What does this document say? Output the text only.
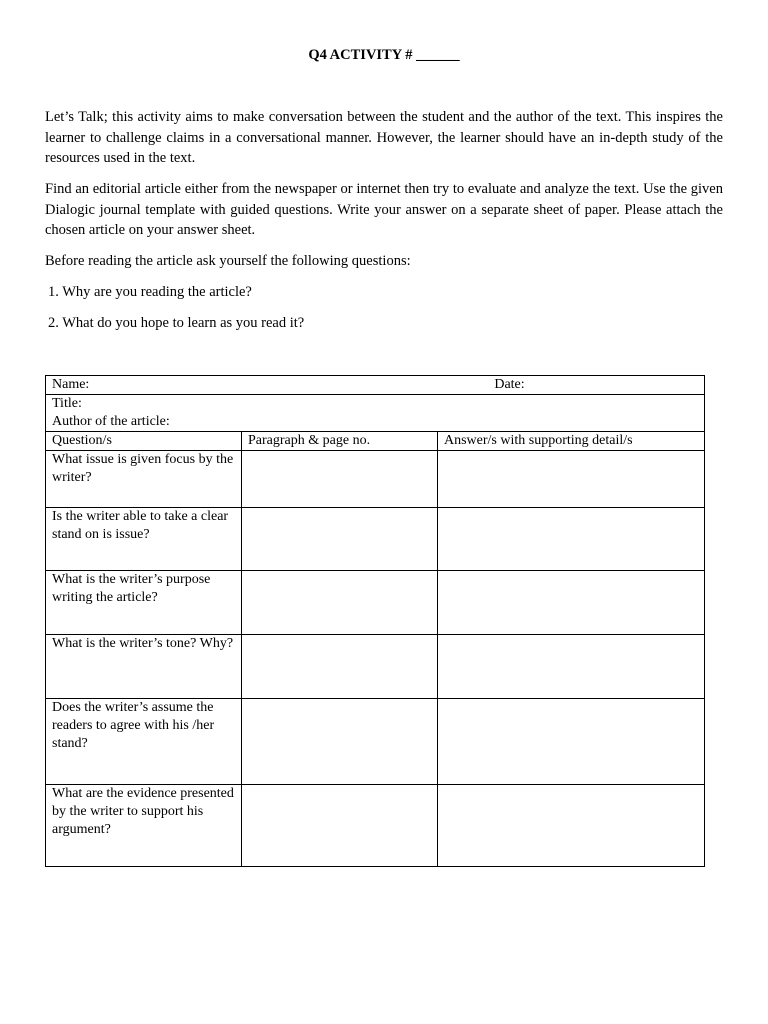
Q4 ACTIVITY # ______
Let’s Talk; this activity aims to make conversation between the student and the author of the text. This inspires the learner to challenge claims in a conversational manner. However, the learner should have an in-depth study of the resources used in the text.
Find an editorial article either from the newspaper or internet then try to evaluate and analyze the text. Use the given Dialogic journal template with guided questions. Write your answer on a separate sheet of paper. Please attach the chosen article on your answer sheet.
Before reading the article ask yourself the following questions:
1. Why are you reading the article?
2. What do you hope to learn as you read it?
Name: Date:		

Title:
Author of the article:		

Question/s	Paragraph & page no.	Answer/s with supporting detail/s
What issue is given focus by the writer?		
Is the writer able to take a clear stand on is issue?		
What is the writer’s purpose writing the article?		
What is the writer’s tone? Why?		
Does the writer’s assume the readers to agree with his /her stand?		
What are the evidence presented by the writer to support his argument?		
